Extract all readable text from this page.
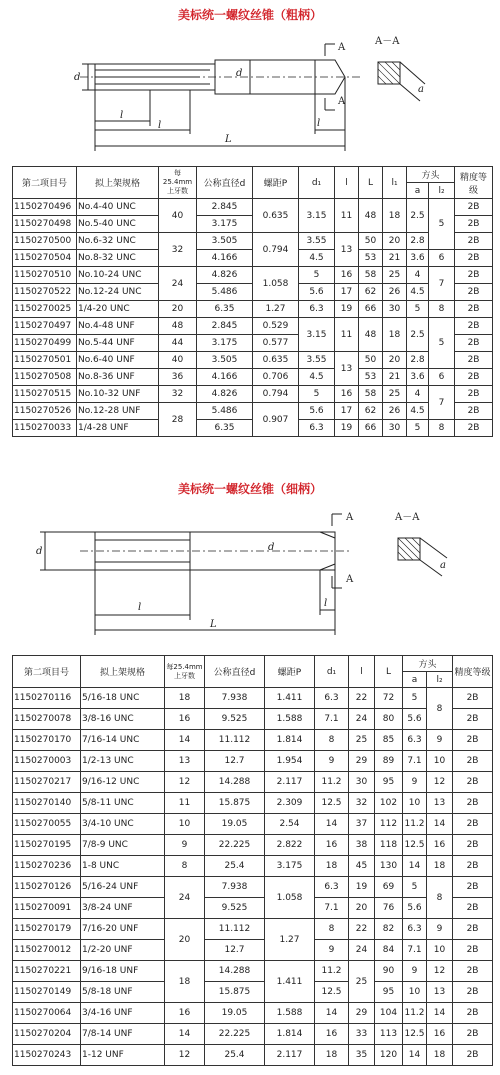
美标统一螺纹丝锥（粗柄）
d	d
l
l
L
l
A
A
a
A－A
第二项目号	拟上架规格	每25.4mm上牙数	公称直径d	螺距P	d₁	l	L	l₁	方头		精度等级
									a	l₂	
1150270496	No.4-40 UNC	40	2.845	0.635	3.15	11	48	18	2.5	5	2B
1150270498	No.5-40 UNC		3.175								2B
1150270500	No.6-32 UNC	32	3.505	0.794	3.55	13	50	20	2.8		2B
1150270504	No.8-32 UNC		4.166		4.5		53	21	3.6	6	2B
1150270510	No.10-24 UNC	24	4.826	1.058	5	16	58	25	4	7	2B
1150270522	No.12-24 UNC		5.486		5.6	17	62	26	4.5		2B
1150270025	1/4-20 UNC	20	6.35	1.27	6.3	19	66	30	5	8	2B
1150270497	No.4-48 UNF	48	2.845	0.529	3.15	11	48	18	2.5	5	2B
1150270499	No.5-44 UNF	44	3.175	0.577							2B
1150270501	No.6-40 UNF	40	3.505	0.635	3.55	13	50	20	2.8		2B
1150270508	No.8-36 UNF	36	4.166	0.706	4.5		53	21	3.6	6	2B
1150270515	No.10-32 UNF	32	4.826	0.794	5	16	58	25	4	7	2B
1150270526	No.12-28 UNF	28	5.486	0.907	5.6	17	62	26	4.5		2B
1150270033	1/4-28 UNF		6.35		6.3	19	66	30	5	8	2B
美标统一螺纹丝锥（细柄）
d	d
l
L
l
A
A
a
A－A
第二项目号	拟上架规格	每25.4mm上牙数	公称直径d	螺距P	d₁	l	L	方头		精度等级
								a	l₂	
1150270116	5/16-18 UNC	18	7.938	1.411	6.3	22	72	5	8	2B
1150270078	3/8-16 UNC	16	9.525	1.588	7.1	24	80	5.6		2B
1150270170	7/16-14 UNC	14	11.112	1.814	8	25	85	6.3	9	2B
1150270003	1/2-13 UNC	13	12.7	1.954	9	29	89	7.1	10	2B
1150270217	9/16-12 UNC	12	14.288	2.117	11.2	30	95	9	12	2B
1150270140	5/8-11 UNC	11	15.875	2.309	12.5	32	102	10	13	2B
1150270055	3/4-10 UNC	10	19.05	2.54	14	37	112	11.2	14	2B
1150270195	7/8-9 UNC	9	22.225	2.822	16	38	118	12.5	16	2B
1150270236	1-8 UNC	8	25.4	3.175	18	45	130	14	18	2B
1150270126	5/16-24 UNF	24	7.938	1.058	6.3	19	69	5	8	2B
1150270091	3/8-24 UNF		9.525		7.1	20	76	5.6		2B
1150270179	7/16-20 UNF	20	11.112	1.27	8	22	82	6.3	9	2B
1150270012	1/2-20 UNF		12.7		9	24	84	7.1	10	2B
1150270221	9/16-18 UNF	18	14.288	1.411	11.2	25	90	9	12	2B
1150270149	5/8-18 UNF		15.875		12.5		95	10	13	2B
1150270064	3/4-16 UNF	16	19.05	1.588	14	29	104	11.2	14	2B
1150270204	7/8-14 UNF	14	22.225	1.814	16	33	113	12.5	16	2B
1150270243	1-12 UNF	12	25.4	2.117	18	35	120	14	18	2B
